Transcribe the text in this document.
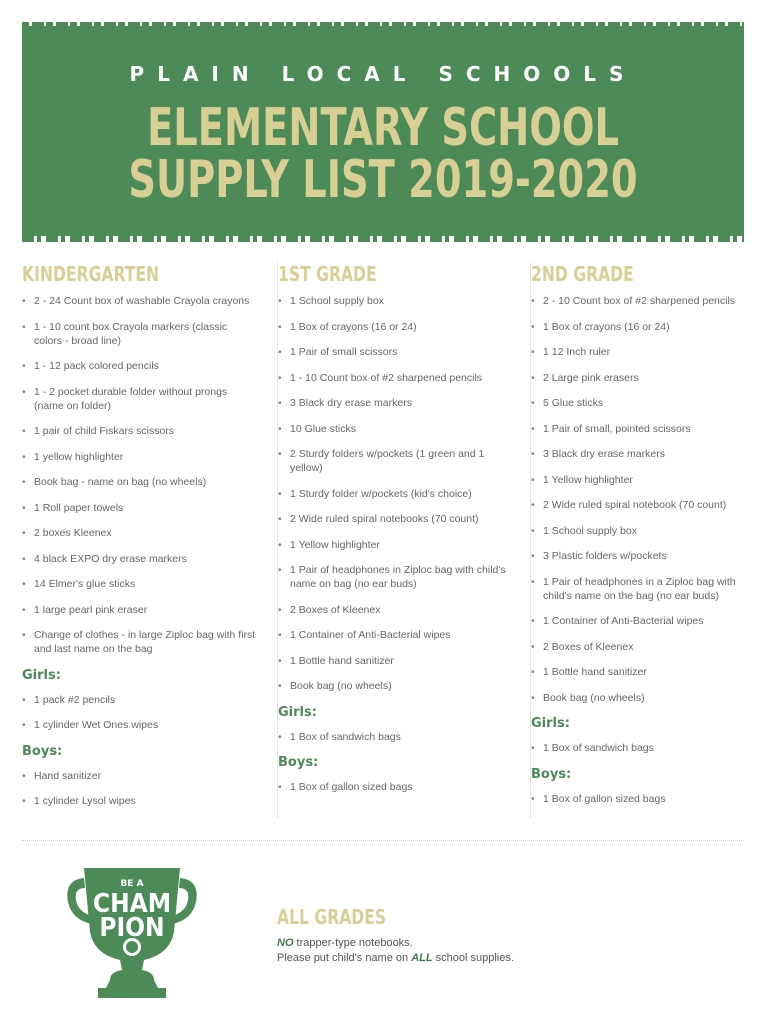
PLAIN LOCAL SCHOOLS
ELEMENTARY SCHOOL
SUPPLY LIST 2019-2020
KINDERGARTEN
• 2 - 24 Count box of washable Crayola crayons
• 1 - 10 count box Crayola markers (classic colors - broad line)
• 1 - 12 pack colored pencils
• 1 - 2 pocket durable folder without prongs (name on folder)
• 1 pair of child Fiskars scissors
• 1 yellow highlighter
• Book bag - name on bag (no wheels)
• 1 Roll paper towels
• 2 boxes Kleenex
• 4 black EXPO dry erase markers
• 14 Elmer's glue sticks
• 1 large pearl pink eraser
• Change of clothes - in large Ziploc bag with first and last name on the bag
Girls:
• 1 pack #2 pencils
• 1 cylinder Wet Ones wipes
Boys:
• Hand sanitizer
• 1 cylinder Lysol wipes
1ST GRADE
• 1 School supply box
• 1 Box of crayons (16 or 24)
• 1 Pair of small scissors
• 1 - 10 Count box of #2 sharpened pencils
• 3 Black dry erase markers
• 10 Glue sticks
• 2 Sturdy folders w/pockets (1 green and 1 yellow)
• 1 Sturdy folder w/pockets (kid's choice)
• 2 Wide ruled spiral notebooks (70 count)
• 1 Yellow highlighter
• 1 Pair of headphones in Ziploc bag with child's name on bag (no ear buds)
• 2 Boxes of Kleenex
• 1 Container of Anti-Bacterial wipes
• 1 Bottle hand sanitizer
• Book bag (no wheels)
Girls:
• 1 Box of sandwich bags
Boys:
• 1 Box of gallon sized bags
2ND GRADE
• 2 - 10 Count box of #2 sharpened pencils
• 1 Box of crayons (16 or 24)
• 1 12 Inch ruler
• 2 Large pink erasers
• 5 Glue sticks
• 1 Pair of small, pointed scissors
• 3 Black dry erase markers
• 1 Yellow highlighter
• 2 Wide ruled spiral notebook (70 count)
• 1 School supply box
• 3 Plastic folders w/pockets
• 1 Pair of headphones in a Ziploc bag with child's name on the bag (no ear buds)
• 1 Container of Anti-Bacterial wipes
• 2 Boxes of Kleenex
• 1 Bottle hand sanitizer
• Book bag (no wheels)
Girls:
• 1 Box of sandwich bags
Boys:
• 1 Box of gallon sized bags
BE A
CHAM
PION	ALL GRADES
NO trapper-type notebooks.
Please put child's name on ALL school supplies.
